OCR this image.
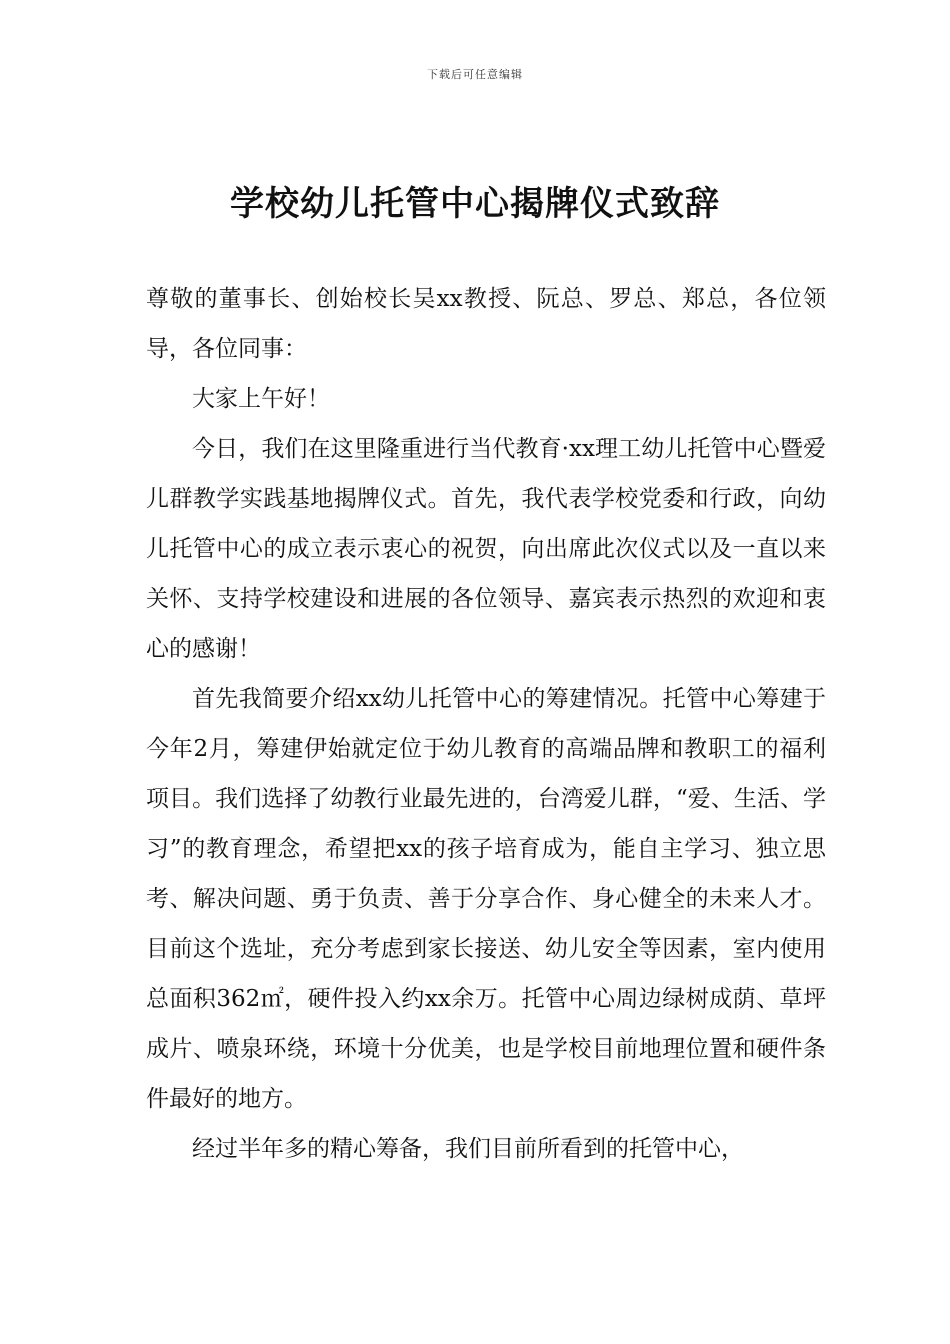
下载后可任意编辑
学校幼儿托管中心揭牌仪式致辞

尊敬的董事长、创始校长吴xx教授、阮总、罗总、郑总，各位领导，各位同事：

大家上午好！

今日，我们在这里隆重进行当代教育·xx理工幼儿托管中心暨爱儿群教学实践基地揭牌仪式。首先，我代表学校党委和行政，向幼儿托管中心的成立表示衷心的祝贺，向出席此次仪式以及一直以来关怀、支持学校建设和进展的各位领导、嘉宾表示热烈的欢迎和衷心的感谢！

首先我简要介绍xx幼儿托管中心的筹建情况。托管中心筹建于今年2月，筹建伊始就定位于幼儿教育的高端品牌和教职工的福利项目。我们选择了幼教行业最先进的，台湾爱儿群，“爱、生活、学习”的教育理念，希望把xx的孩子培育成为，能自主学习、独立思考、解决问题、勇于负责、善于分享合作、身心健全的未来人才。目前这个选址，充分考虑到家长接送、幼儿安全等因素，室内使用总面积362㎡，硬件投入约xx余万。托管中心周边绿树成荫、草坪成片、喷泉环绕，环境十分优美，也是学校目前地理位置和硬件条件最好的地方。

经过半年多的精心筹备，我们目前所看到的托管中心，
